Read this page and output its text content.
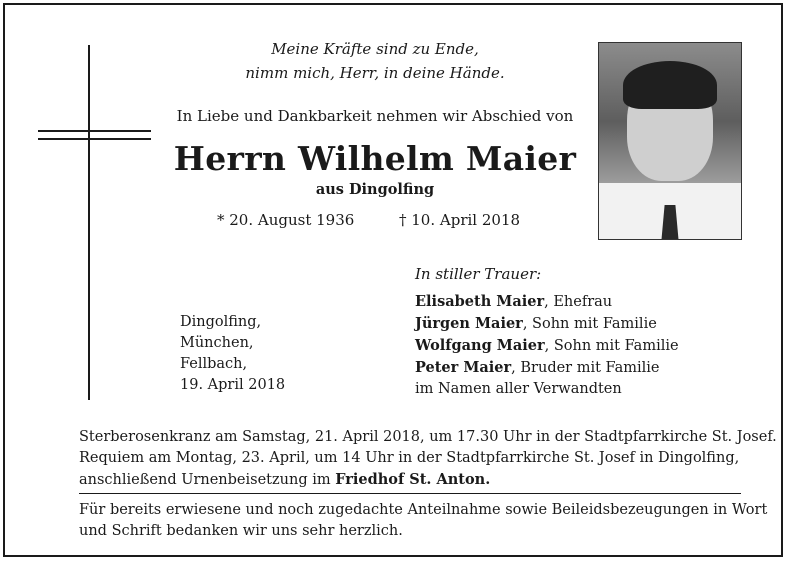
Meine Kräfte sind zu Ende,
nimm mich, Herr, in deine Hände.
In Liebe und Dankbarkeit nehmen wir Abschied von
Herrn Wilhelm Maier
aus Dingolfing
* 20. August 1936	† 10. April 2018
In stiller Trauer:
Dingolfing,
München,
Fellbach,
19. April 2018
Elisabeth Maier, Ehefrau
Jürgen Maier, Sohn mit Familie
Wolfgang Maier, Sohn mit Familie
Peter Maier, Bruder mit Familie
im Namen aller Verwandten
Sterberosenkranz am Samstag, 21. April 2018, um 17.30 Uhr in der Stadtpfarrkirche St. Josef.
Requiem am Montag, 23. April, um 14 Uhr in der Stadtpfarrkirche St. Josef in Dingolfing,
anschließend Urnenbeisetzung im Friedhof St. Anton.
Für bereits erwiesene und noch zugedachte Anteilnahme sowie Beileidsbezeugungen in Wort
und Schrift bedanken wir uns sehr herzlich.
